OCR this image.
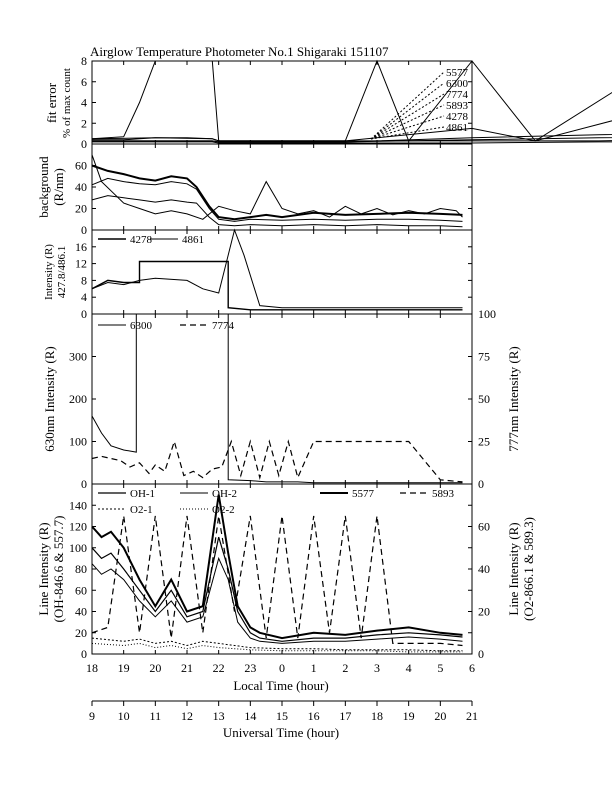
Airglow Temperature Photometer No.1 Shigaraki 151107
fit error % of max count
background (R/nm)
Intensity (R) 427.8/486.1
630nm Intensity (R)	777nm Intensity (R)
Line Intensity (R) (OH-846.6 & 557.7)	Line Intensity (R) (O2-866.1 & 589.3)
Local Time (hour)
Universal Time (hour)
18 19 20 21 22 23 0 1 2 3 4 5 6
9 10 11 12 13 14 15 16 17 18 19 20 21
0
2
4
6
8
0
20
40
60
0
4
8
12
16
0
100
200
300
0
25
50
75
100
0
20
40
60
80
100
120
140
0
20
40
60
5577
6300
7774
5893
4278
4861
4278	4861
6300	7774
OH-1	OH-2
O2-1	O2-2
5577	5893
